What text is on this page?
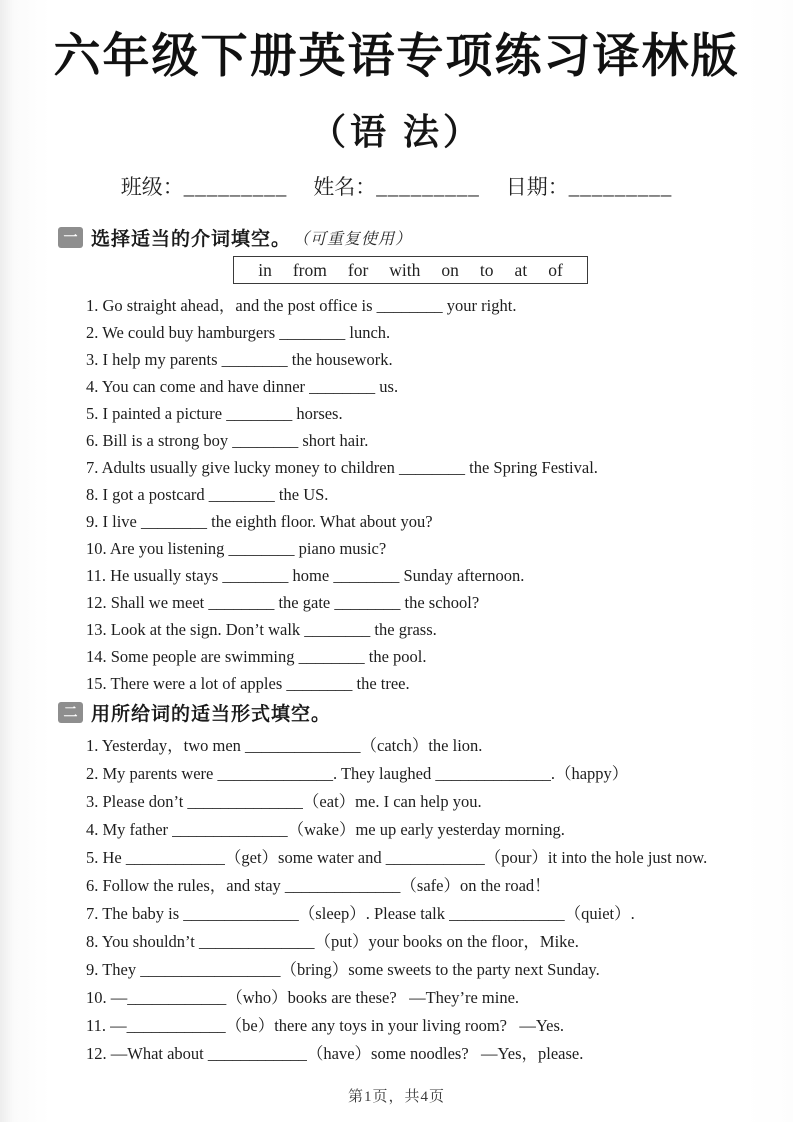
六年级下册英语专项练习译林版
（语 法）
班级：_________ 姓名：_________ 日期：_________
一 选择适当的介词填空。 （可重复使用）
in from for with on to at of
1. Go straight ahead，and the post office is ________ your right.
2. We could buy hamburgers ________ lunch.
3. I help my parents ________ the housework.
4. You can come and have dinner ________ us.
5. I painted a picture ________ horses.
6. Bill is a strong boy ________ short hair.
7. Adults usually give lucky money to children ________ the Spring Festival.
8. I got a postcard ________ the US.
9. I live ________ the eighth floor. What about you?
10. Are you listening ________ piano music?
11. He usually stays ________ home ________ Sunday afternoon.
12. Shall we meet ________ the gate ________ the school?
13. Look at the sign. Don’t walk ________ the grass.
14. Some people are swimming ________ the pool.
15. There were a lot of apples ________ the tree.
二 用所给词的适当形式填空。
1. Yesterday，two men ______________（catch）the lion.
2. My parents were ______________. They laughed ______________.（happy）
3. Please don’t ______________（eat）me. I can help you.
4. My father ______________（wake）me up early yesterday morning.
5. He ____________（get）some water and ____________（pour）it into the hole just now.
6. Follow the rules，and stay ______________（safe）on the road！
7. The baby is ______________（sleep）. Please talk ______________（quiet）.
8. You shouldn’t ______________（put）your books on the floor，Mike.
9. They _________________（bring）some sweets to the party next Sunday.
10. —____________（who）books are these?   —They’re mine.
11. —____________（be）there any toys in your living room?   —Yes.
12. —What about ____________（have）some noodles?   —Yes，please.
第1页，共4页
